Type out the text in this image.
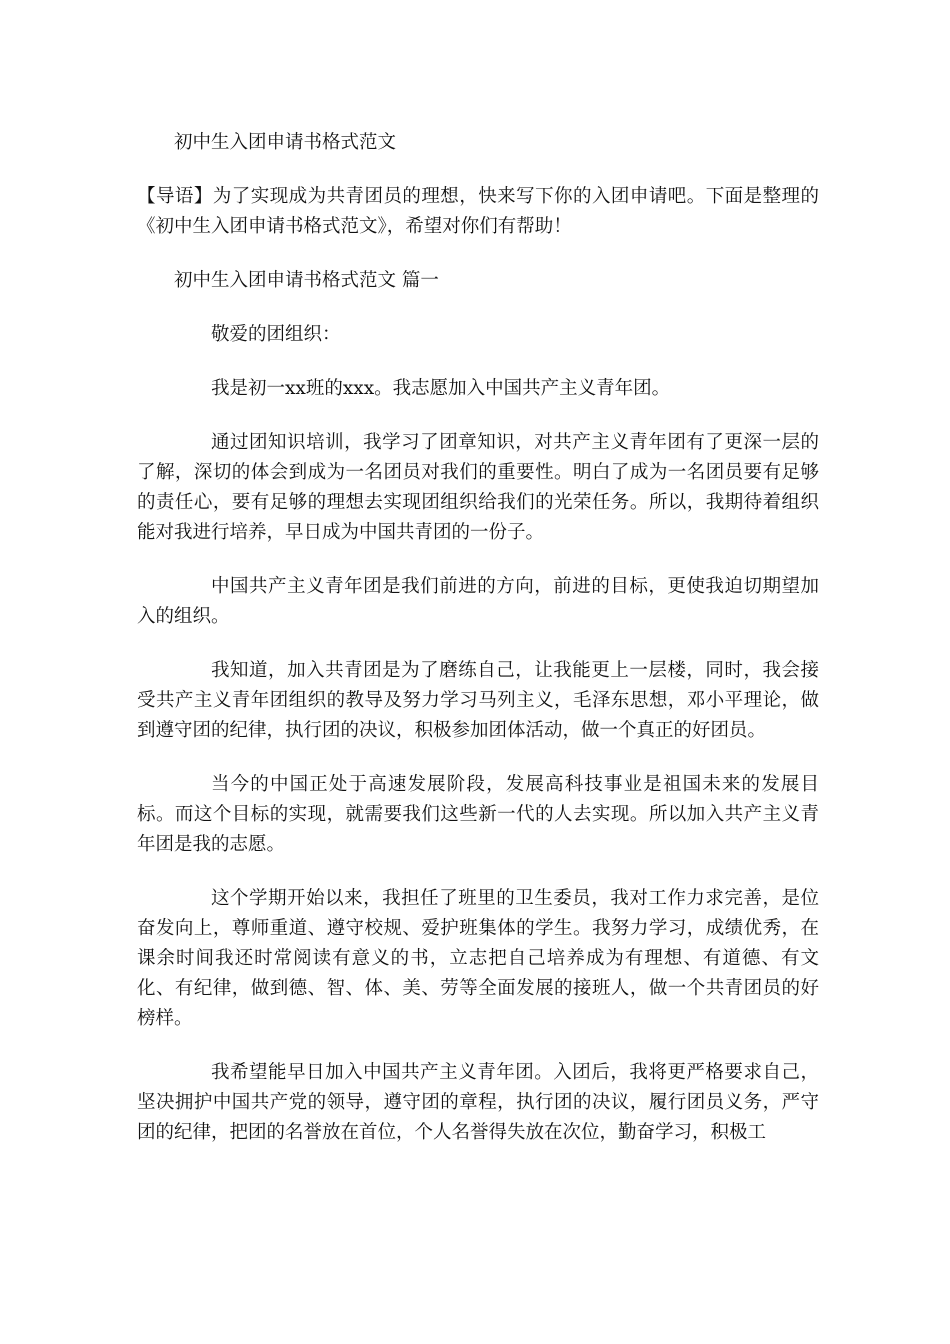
初中生入团申请书格式范文

【导语】为了实现成为共青团员的理想，快来写下你的入团申请吧。下面是整理的《初中生入团申请书格式范文》，希望对你们有帮助！

初中生入团申请书格式范文 篇一

敬爱的团组织：

我是初一xx班的xxx。我志愿加入中国共产主义青年团。

通过团知识培训，我学习了团章知识，对共产主义青年团有了更深一层的了解，深切的体会到成为一名团员对我们的重要性。明白了成为一名团员要有足够的责任心，要有足够的理想去实现团组织给我们的光荣任务。所以，我期待着组织能对我进行培养，早日成为中国共青团的一份子。

中国共产主义青年团是我们前进的方向，前进的目标，更使我迫切期望加入的组织。

我知道，加入共青团是为了磨练自己，让我能更上一层楼，同时，我会接受共产主义青年团组织的教导及努力学习马列主义，毛泽东思想，邓小平理论，做到遵守团的纪律，执行团的决议，积极参加团体活动，做一个真正的好团员。

当今的中国正处于高速发展阶段，发展高科技事业是祖国未来的发展目标。而这个目标的实现，就需要我们这些新一代的人去实现。所以加入共产主义青年团是我的志愿。

这个学期开始以来，我担任了班里的卫生委员，我对工作力求完善，是位奋发向上，尊师重道、遵守校规、爱护班集体的学生。我努力学习，成绩优秀，在课余时间我还时常阅读有意义的书，立志把自己培养成为有理想、有道德、有文化、有纪律，做到德、智、体、美、劳等全面发展的接班人，做一个共青团员的好榜样。

我希望能早日加入中国共产主义青年团。入团后，我将更严格要求自己，坚决拥护中国共产党的领导，遵守团的章程，执行团的决议，履行团员义务，严守团的纪律，把团的名誉放在首位，个人名誉得失放在次位，勤奋学习，积极工
